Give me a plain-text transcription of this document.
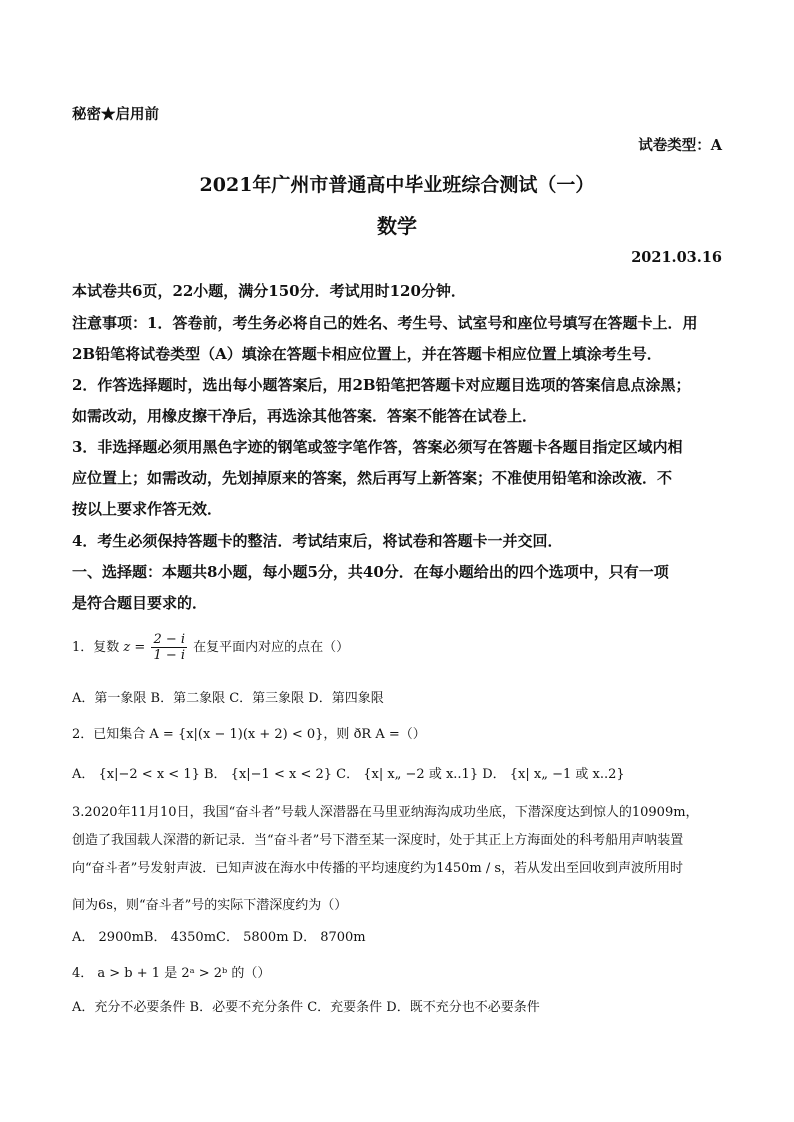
秘密★启用前
试卷类型：A
2021年广州市普通高中毕业班综合测试（一）
数学
2021.03.16
本试卷共6页，22小题，满分150分．考试用时120分钟．
注意事项：1．答卷前，考生务必将自己的姓名、考生号、试室号和座位号填写在答题卡上．用
2B铅笔将试卷类型（A）填涂在答题卡相应位置上，并在答题卡相应位置上填涂考生号．
2．作答选择题时，选出每小题答案后，用2B铅笔把答题卡对应题目选项的答案信息点涂黑；
如需改动，用橡皮擦干净后，再选涂其他答案．答案不能答在试卷上．
3．非选择题必须用黑色字迹的钢笔或签字笔作答，答案必须写在答题卡各题目指定区域内相
应位置上；如需改动，先划掉原来的答案，然后再写上新答案；不准使用铅笔和涂改液．不
按以上要求作答无效．
4．考生必须保持答题卡的整洁．考试结束后，将试卷和答题卡一并交回．
一、选择题：本题共8小题，每小题5分，共40分．在每小题给出的四个选项中，只有一项
是符合题目要求的．
1．复数 $z = \frac{2 - i}{1 - i}$ 在复平面内对应的点在（）
A．第一象限 B．第二象限 C．第三象限 D．第四象限
2．已知集合 A = {x|(x − 1)(x + 2) < 0}，则 ðR A =（）
A． {x|−2 < x < 1} B． {x|−1 < x < 2} C． {x| x„ −2 或 x..1} D． {x| x„ −1 或 x..2}
3.2020年11月10日，我国“奋斗者”号载人深潜器在马里亚纳海沟成功坐底，下潜深度达到惊人的10909m，
创造了我国载人深潜的新记录．当“奋斗者”号下潜至某一深度时，处于其正上方海面处的科考船用声呐装置
向“奋斗者”号发射声波．已知声波在海水中传播的平均速度约为1450m / s，若从发出至回收到声波所用时
间为6s，则“奋斗者”号的实际下潜深度约为（）
A． 2900mB． 4350mC． 5800m D． 8700m
4． a > b + 1 是 2ᵃ > 2ᵇ 的（）
A．充分不必要条件 B．必要不充分条件 C．充要条件 D．既不充分也不必要条件
